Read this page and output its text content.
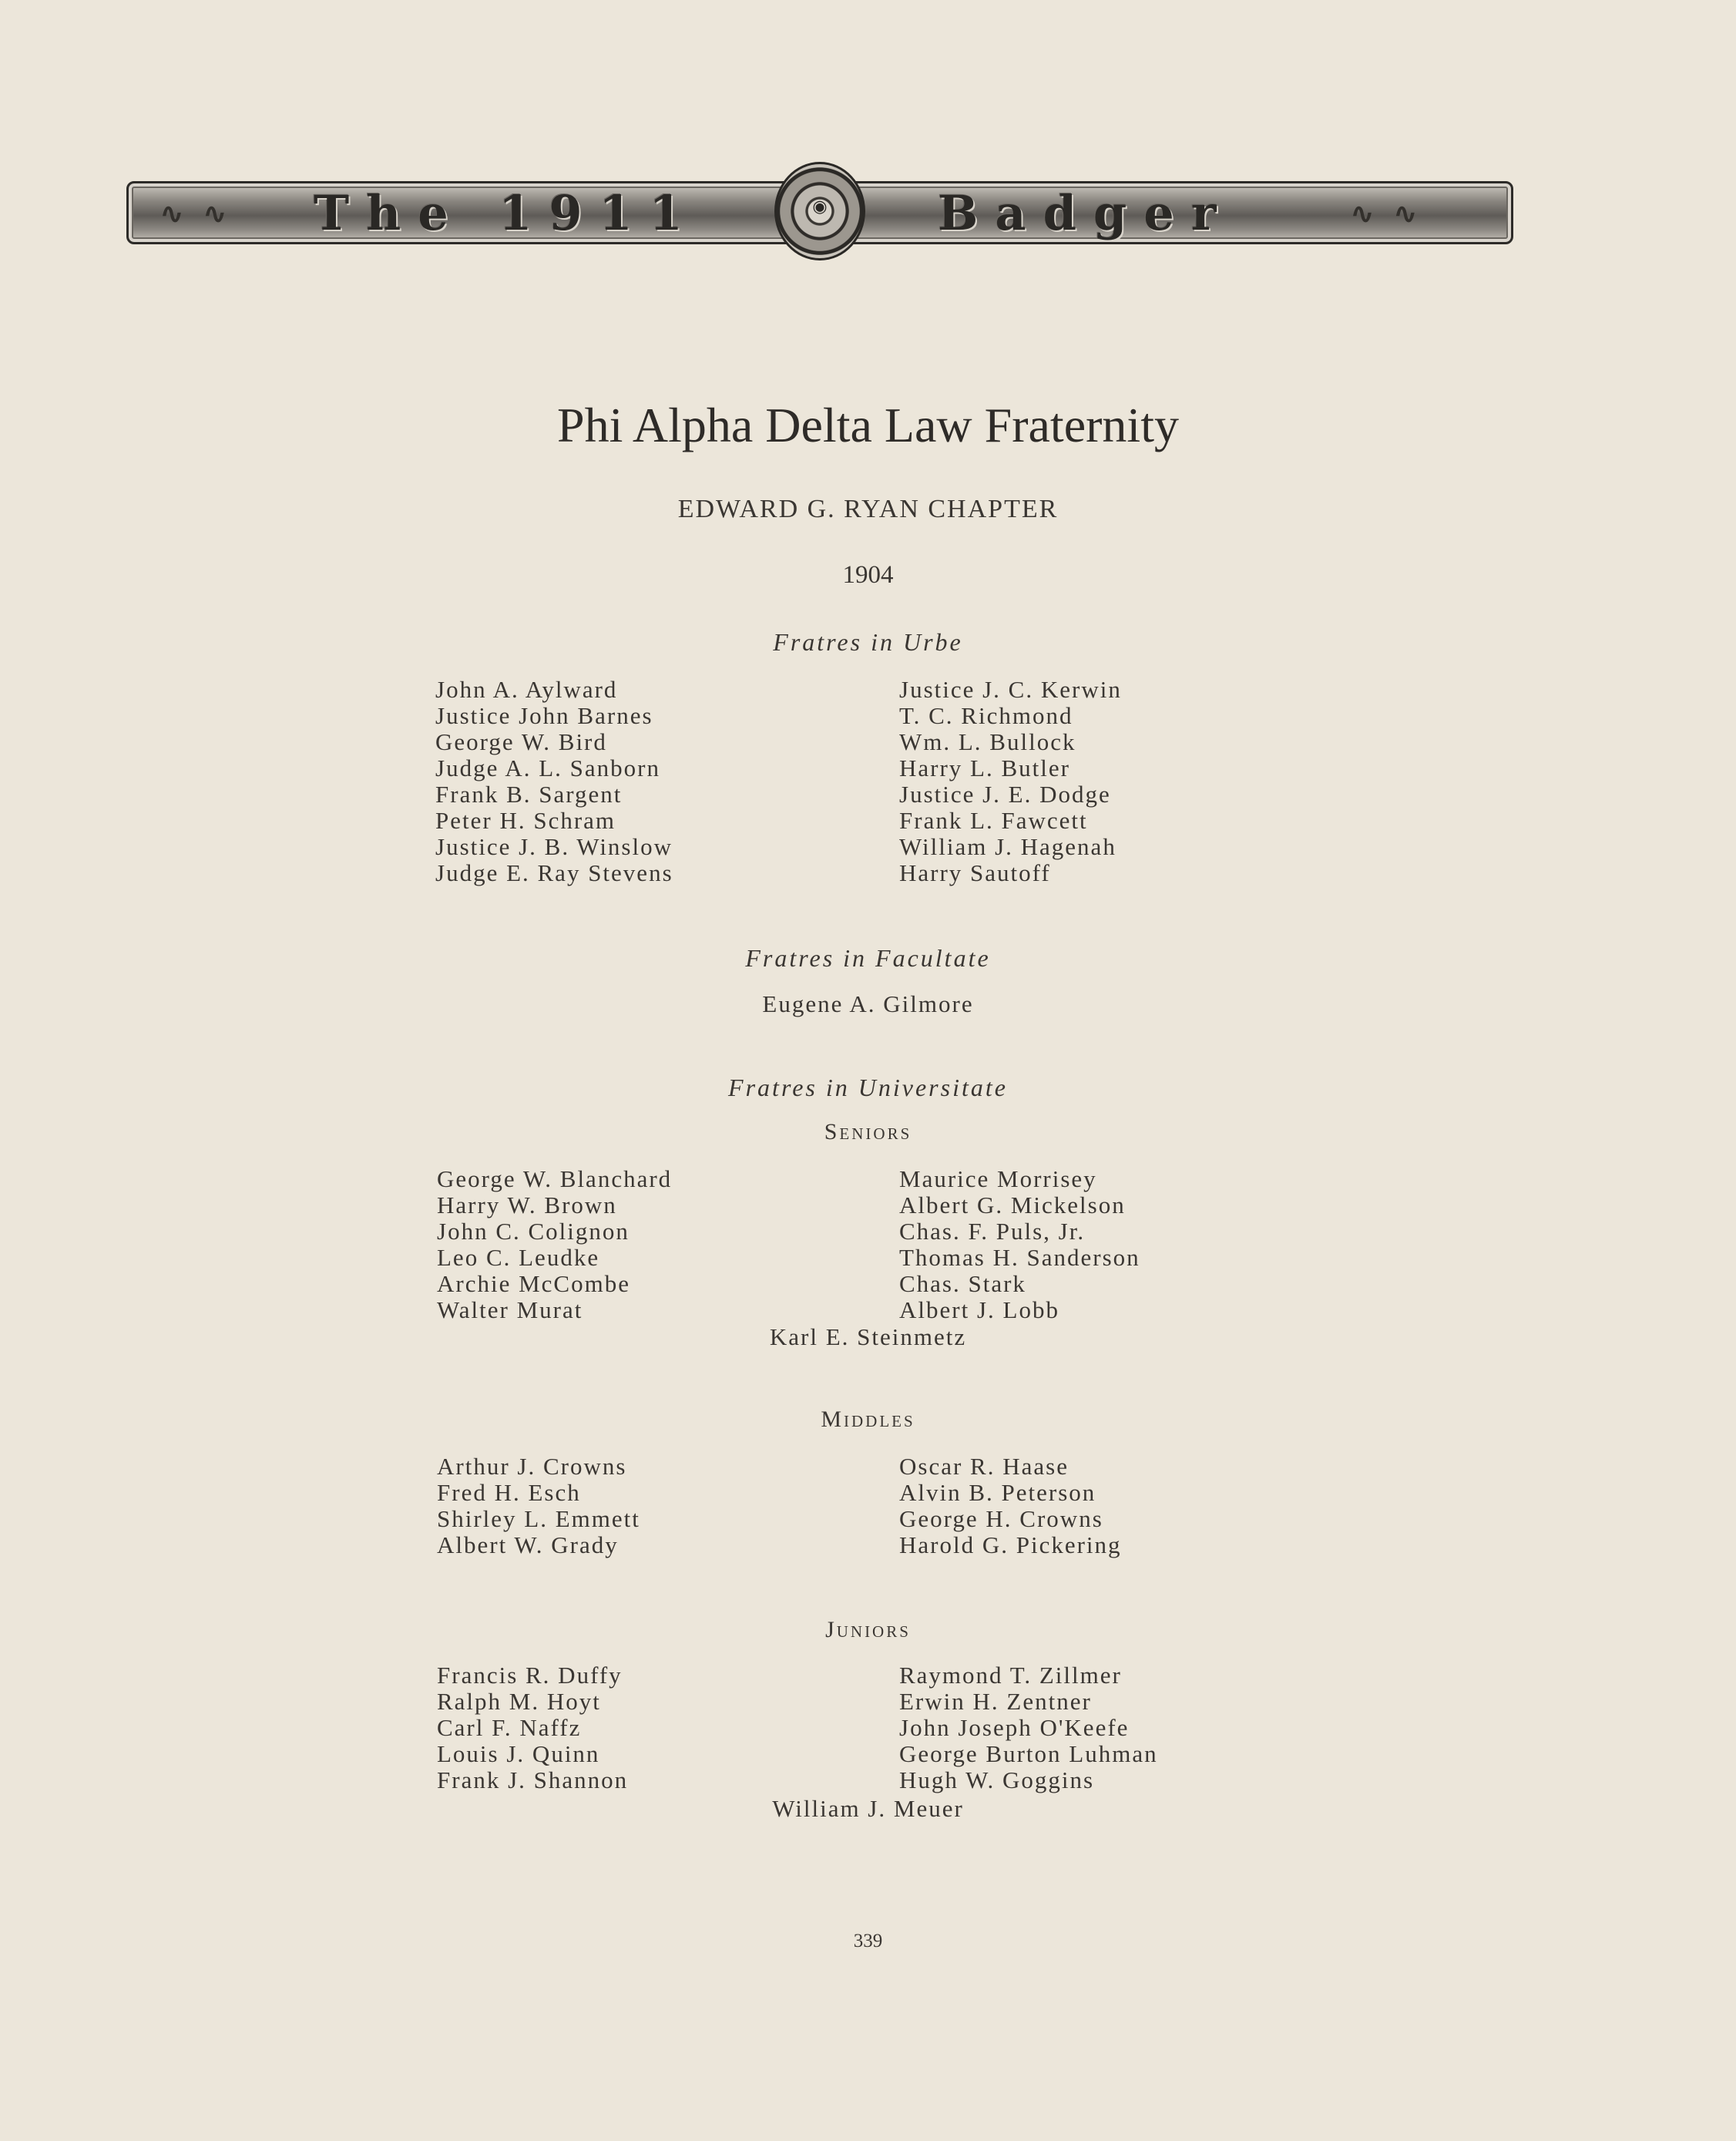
∿∿ The 1911	Badger	∿∿
◉
Phi Alpha Delta Law Fraternity
EDWARD G. RYAN CHAPTER
1904
Fratres in Urbe
John A. Aylward
Justice John Barnes
George W. Bird
Judge A. L. Sanborn
Frank B. Sargent
Peter H. Schram
Justice J. B. Winslow
Judge E. Ray Stevens
Justice J. C. Kerwin
T. C. Richmond
Wm. L. Bullock
Harry L. Butler
Justice J. E. Dodge
Frank L. Fawcett
William J. Hagenah
Harry Sautoff
Fratres in Facultate
Eugene A. Gilmore
Fratres in Universitate
Seniors
George W. Blanchard
Harry W. Brown
John C. Colignon
Leo C. Leudke
Archie McCombe
Walter Murat
Maurice Morrisey
Albert G. Mickelson
Chas. F. Puls, Jr.
Thomas H. Sanderson
Chas. Stark
Albert J. Lobb
Karl E. Steinmetz
Middles
Arthur J. Crowns
Fred H. Esch
Shirley L. Emmett
Albert W. Grady
Oscar R. Haase
Alvin B. Peterson
George H. Crowns
Harold G. Pickering
Juniors
Francis R. Duffy
Ralph M. Hoyt
Carl F. Naffz
Louis J. Quinn
Frank J. Shannon
Raymond T. Zillmer
Erwin H. Zentner
John Joseph O'Keefe
George Burton Luhman
Hugh W. Goggins
William J. Meuer
339
